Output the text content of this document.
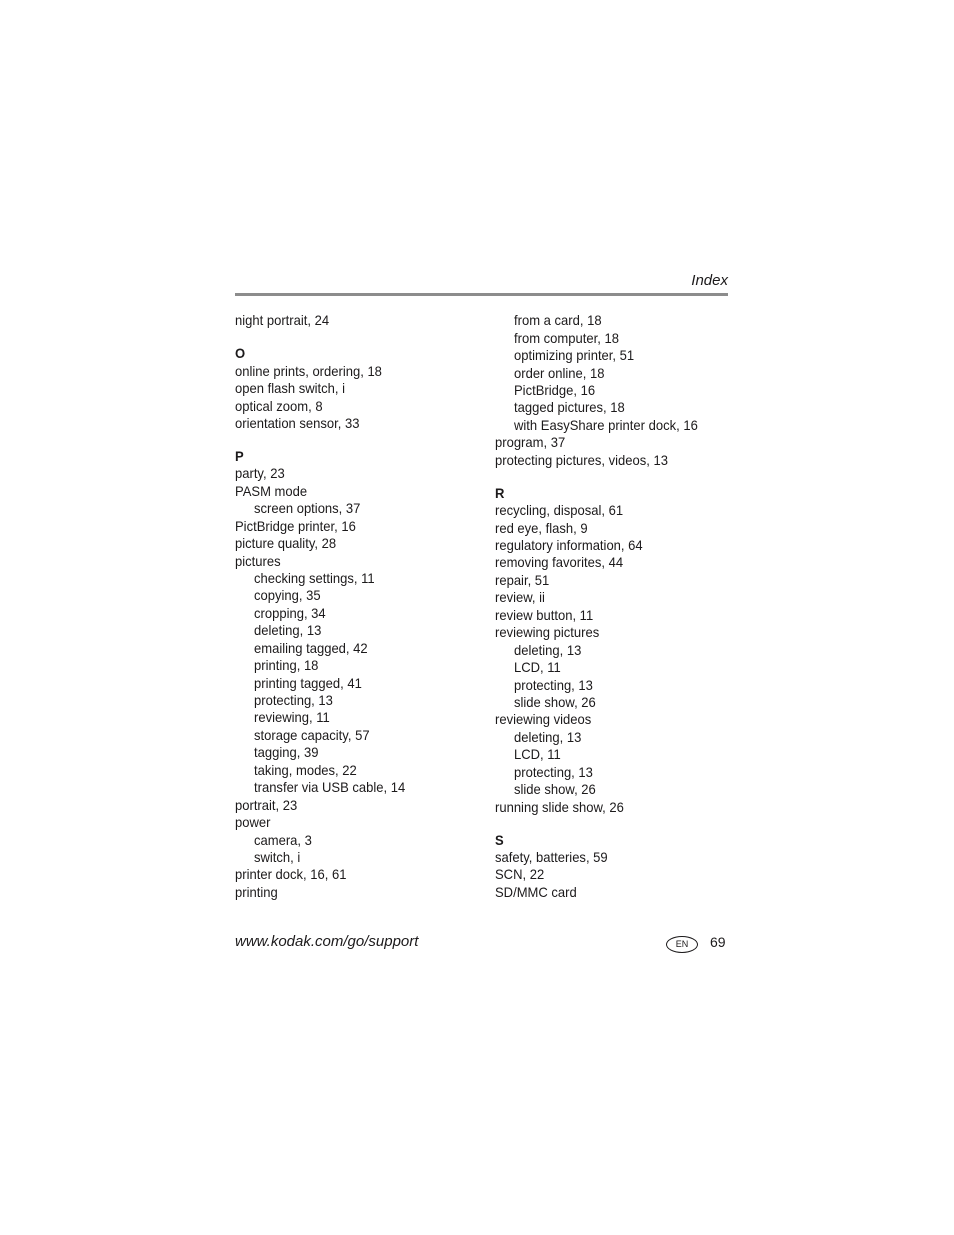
Index
night portrait, 24
O
online prints, ordering, 18
open flash switch, i
optical zoom, 8
orientation sensor, 33
P
party, 23
PASM mode
screen options, 37
PictBridge printer, 16
picture quality, 28
pictures
checking settings, 11
copying, 35
cropping, 34
deleting, 13
emailing tagged, 42
printing, 18
printing tagged, 41
protecting, 13
reviewing, 11
storage capacity, 57
tagging, 39
taking, modes, 22
transfer via USB cable, 14
portrait, 23
power
camera, 3
switch, i
printer dock, 16, 61
printing
from a card, 18
from computer, 18
optimizing printer, 51
order online, 18
PictBridge, 16
tagged pictures, 18
with EasyShare printer dock, 16
program, 37
protecting pictures, videos, 13
R
recycling, disposal, 61
red eye, flash, 9
regulatory information, 64
removing favorites, 44
repair, 51
review, ii
review button, 11
reviewing pictures
deleting, 13
LCD, 11
protecting, 13
slide show, 26
reviewing videos
deleting, 13
LCD, 11
protecting, 13
slide show, 26
running slide show, 26
S
safety, batteries, 59
SCN, 22
SD/MMC card
www.kodak.com/go/support	EN	69
